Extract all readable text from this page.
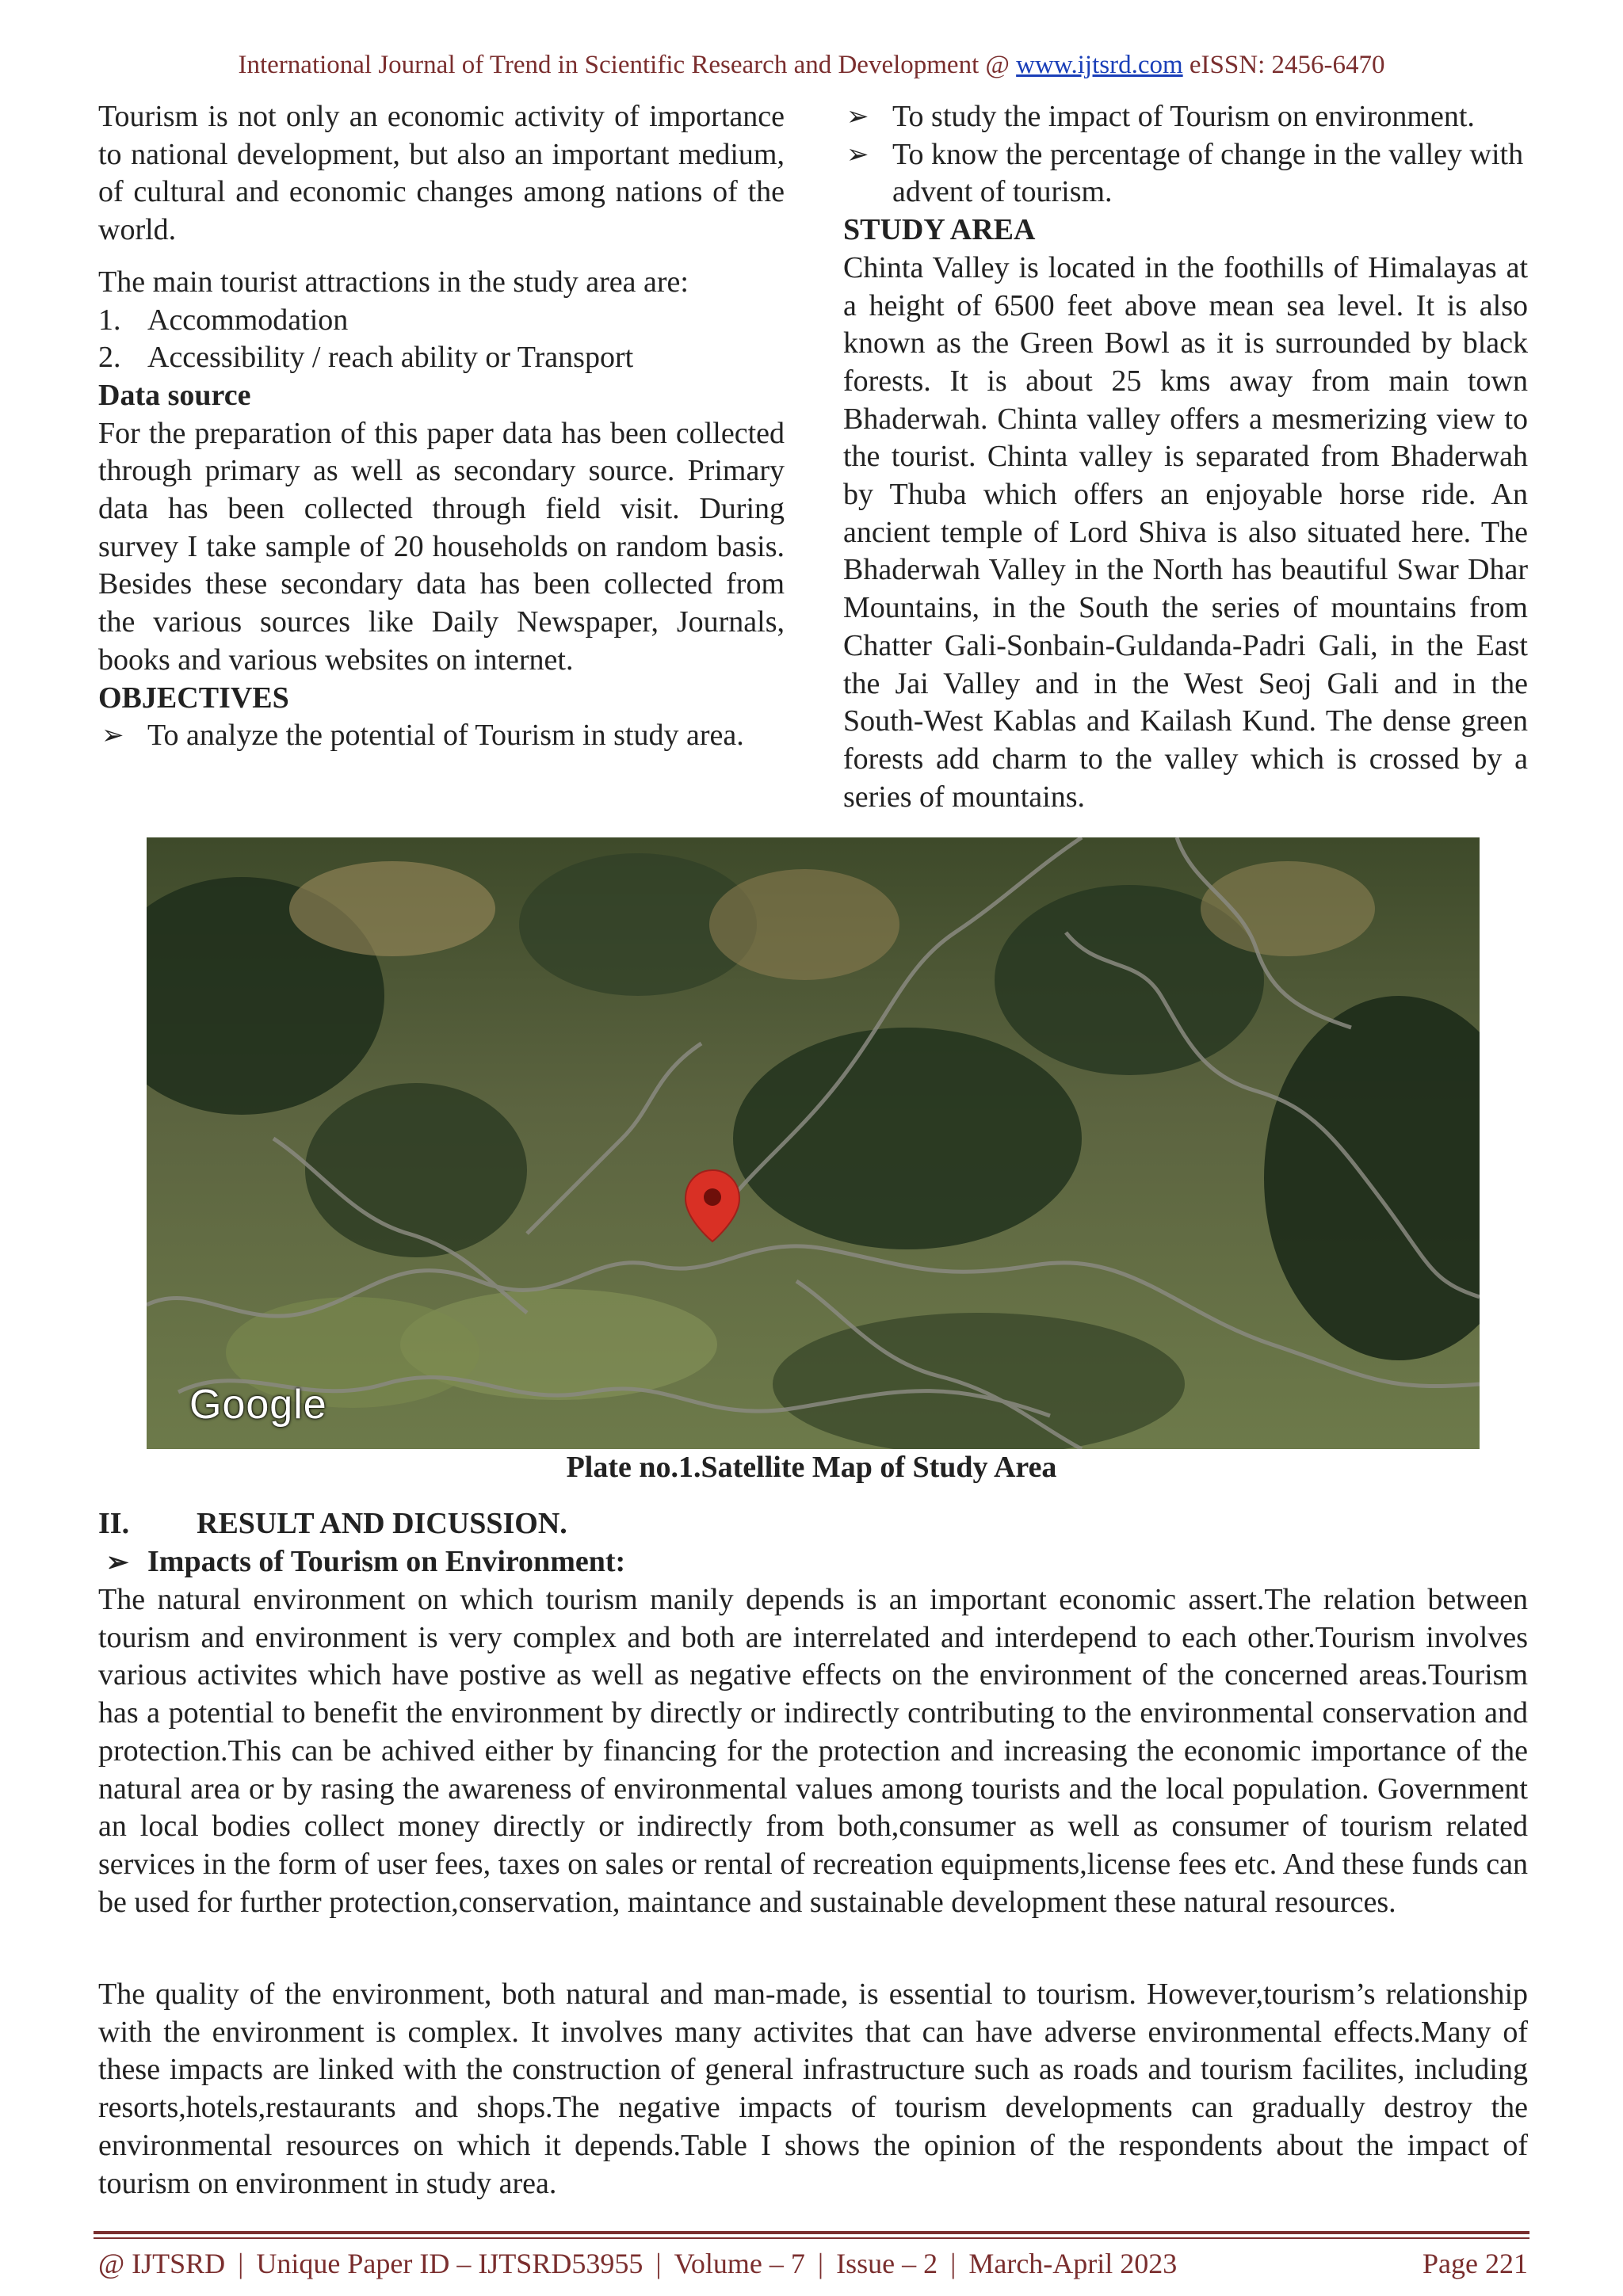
International Journal of Trend in Scientific Research and Development @ www.ijtsrd.com eISSN: 2456-6470

Tourism is not only an economic activity of importance to national development, but also an important medium, of cultural and economic changes among nations of the world.

The main tourist attractions in the study area are:

1. Accommodation
2. Accessibility / reach ability or Transport

Data source

For the preparation of this paper data has been collected through primary as well as secondary source. Primary data has been collected through field visit. During survey I take sample of 20 households on random basis. Besides these secondary data has been collected from the various sources like Daily Newspaper, Journals, books and various websites on internet.

OBJECTIVES

➢ To analyze the potential of Tourism in study area.
➢ To study the impact of Tourism on environment.
➢ To know the percentage of change in the valley with advent of tourism.

STUDY AREA

Chinta Valley is located in the foothills of Himalayas at a height of 6500 feet above mean sea level. It is also known as the Green Bowl as it is surrounded by black forests. It is about 25 kms away from main town Bhaderwah. Chinta valley offers a mesmerizing view to the tourist. Chinta valley is separated from Bhaderwah by Thuba which offers an enjoyable horse ride. An ancient temple of Lord Shiva is also situated here. The Bhaderwah Valley in the North has beautiful Swar Dhar Mountains, in the South the series of mountains from Chatter Gali-Sonbain-Guldanda-Padri Gali, in the East the Jai Valley and in the West Seoj Gali and in the South-West Kablas and Kailash Kund. The dense green forests add charm to the valley which is crossed by a series of mountains.

Google
Plate no.1.Satellite Map of Study Area
II. RESULT AND DICUSSION.
➢ Impacts of Tourism on Environment:

The natural environment on which tourism manily depends is an important economic assert.The relation between tourism and environment is very complex and both are interrelated and interdepend to each other.Tourism involves various activites which have postive as well as negative effects on the environment of the concerned areas.Tourism has a potential to benefit the environment by directly or indirectly contributing to the environmental conservation and protection.This can be achived either by financing for the protection and increasing the economic importance of the natural area or by rasing the awareness of environmental values among tourists and the local population. Government an local bodies collect money directly or indirectly from both,consumer as well as consumer of tourism related services in the form of user fees, taxes on sales or rental of recreation equipments,license fees etc. And these funds can be used for further protection,conservation, maintance and sustainable development these natural resources.

The quality of the environment, both natural and man-made, is essential to tourism. However,tourism’s relationship with the environment is complex. It involves many activites that can have adverse environmental effects.Many of these impacts are linked with the construction of general infrastructure such as roads and tourism facilites, including resorts,hotels,restaurants and shops.The negative impacts of tourism developments can gradually destroy the environmental resources on which it depends.Table I shows the opinion of the respondents about the impact of tourism on environment in study area.

@ IJTSRD | Unique Paper ID – IJTSRD53955 | Volume – 7 | Issue – 2 | March-April 2023	Page 221
